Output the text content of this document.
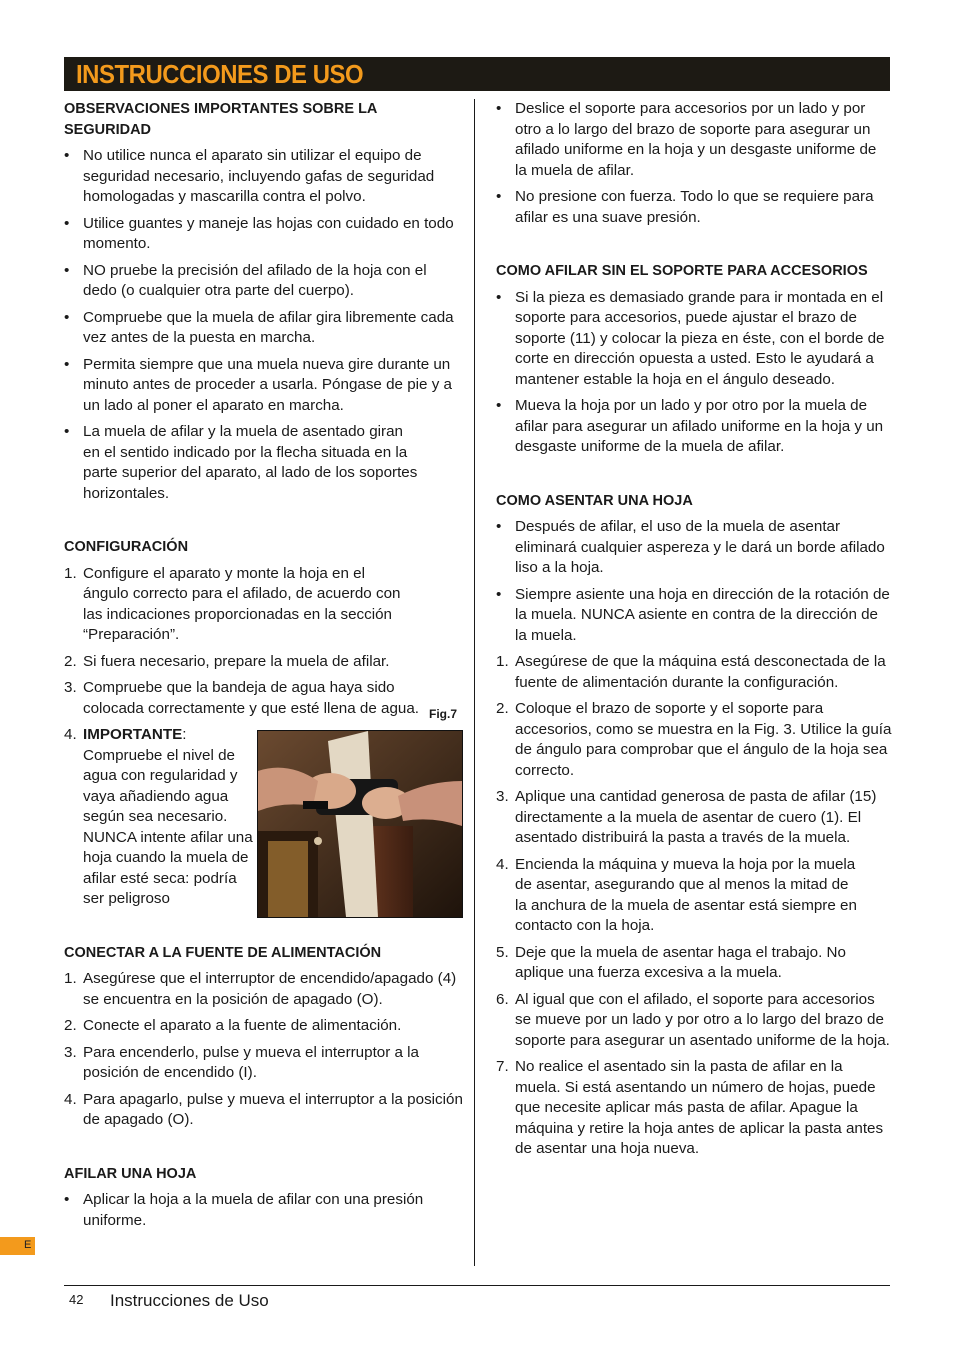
INSTRUCCIONES DE USO
OBSERVACIONES IMPORTANTES SOBRE LA SEGURIDAD
• No utilice nunca el aparato sin utilizar el equipo de seguridad necesario, incluyendo gafas de seguridad homologadas y mascarilla contra el polvo.
• Utilice guantes y maneje las hojas con cuidado en todo momento.
• NO pruebe la precisión del afilado de la hoja con el dedo (o cualquier otra parte del cuerpo).
• Compruebe que la muela de afilar gira libremente cada vez antes de la puesta en marcha.
• Permita siempre que una muela nueva gire durante un minuto antes de proceder a usarla. Póngase de pie y a un lado al poner el aparato en marcha.
• La muela de afilar y la muela de asentado giran en el sentido indicado por la flecha situada en la parte superior del aparato, al lado de los soportes horizontales.
CONFIGURACIÓN
1. Configure el aparato y monte la hoja en el ángulo correcto para el afilado, de acuerdo con las indicaciones proporcionadas en la sección “Preparación”.
2. Si fuera necesario, prepare la muela de afilar.
3. Compruebe que la bandeja de agua haya sido colocada correctamente y que esté llena de agua.
4. IMPORTANTE:
Compruebe el nivel de agua con regularidad y vaya añadiendo agua según sea necesario. NUNCA intente afilar una hoja cuando la muela de afilar esté seca: podría ser peligroso
CONECTAR A LA FUENTE DE ALIMENTACIÓN
1. Asegúrese que el interruptor de encendido/apagado (4) se encuentra en la posición de apagado (O).
2. Conecte el aparato a la fuente de alimentación.
3. Para encenderlo, pulse y mueva el interruptor a la posición de encendido (I).
4. Para apagarlo, pulse y mueva el interruptor a la posición de apagado (O).
AFILAR UNA HOJA
• Aplicar la hoja a la muela de afilar con una presión uniforme.
Fig.7
• Deslice el soporte para accesorios por un lado y por otro a lo largo del brazo de soporte para asegurar un afilado uniforme en la hoja y un desgaste uniforme de la muela de afilar.
• No presione con fuerza. Todo lo que se requiere para afilar es una suave presión.
COMO AFILAR SIN EL SOPORTE PARA ACCESORIOS
• Si la pieza es demasiado grande para ir montada en el soporte para accesorios, puede ajustar el brazo de soporte (11) y colocar la pieza en éste, con el borde de corte en dirección opuesta a usted. Esto le ayudará a mantener estable la hoja en el ángulo deseado.
• Mueva la hoja por un lado y por otro por la muela de afilar para asegurar un afilado uniforme en la hoja y un desgaste uniforme de la muela de afilar.
COMO ASENTAR UNA HOJA
• Después de afilar, el uso de la muela de asentar eliminará cualquier aspereza y le dará un borde afilado liso a la hoja.
• Siempre asiente una hoja en dirección de la rotación de la muela. NUNCA asiente en contra de la dirección de la muela.
1. Asegúrese de que la máquina está desconectada de la fuente de alimentación durante la configuración.
2. Coloque el brazo de soporte y el soporte para accesorios, como se muestra en la Fig. 3. Utilice la guía de ángulo para comprobar que el ángulo de la hoja sea correcto.
3. Aplique una cantidad generosa de pasta de afilar (15) directamente a la muela de asentar de cuero (1). El asentado distribuirá la pasta a través de la muela.
4. Encienda la máquina y mueva la hoja por la muela de asentar, asegurando que al menos la mitad de la anchura de la muela de asentar está siempre en contacto con la hoja.
5. Deje que la muela de asentar haga el trabajo. No aplique una fuerza excesiva a la muela.
6. Al igual que con el afilado, el soporte para accesorios se mueve por un lado y por otro a lo largo del brazo de soporte para asegurar un asentado uniforme de la hoja.
7. No realice el asentado sin la pasta de afilar en la muela. Si está asentando un número de hojas, puede que necesite aplicar más pasta de afilar. Apague la máquina y retire la hoja antes de aplicar la pasta antes de asentar una hoja nueva.
E
42 Instrucciones de Uso
